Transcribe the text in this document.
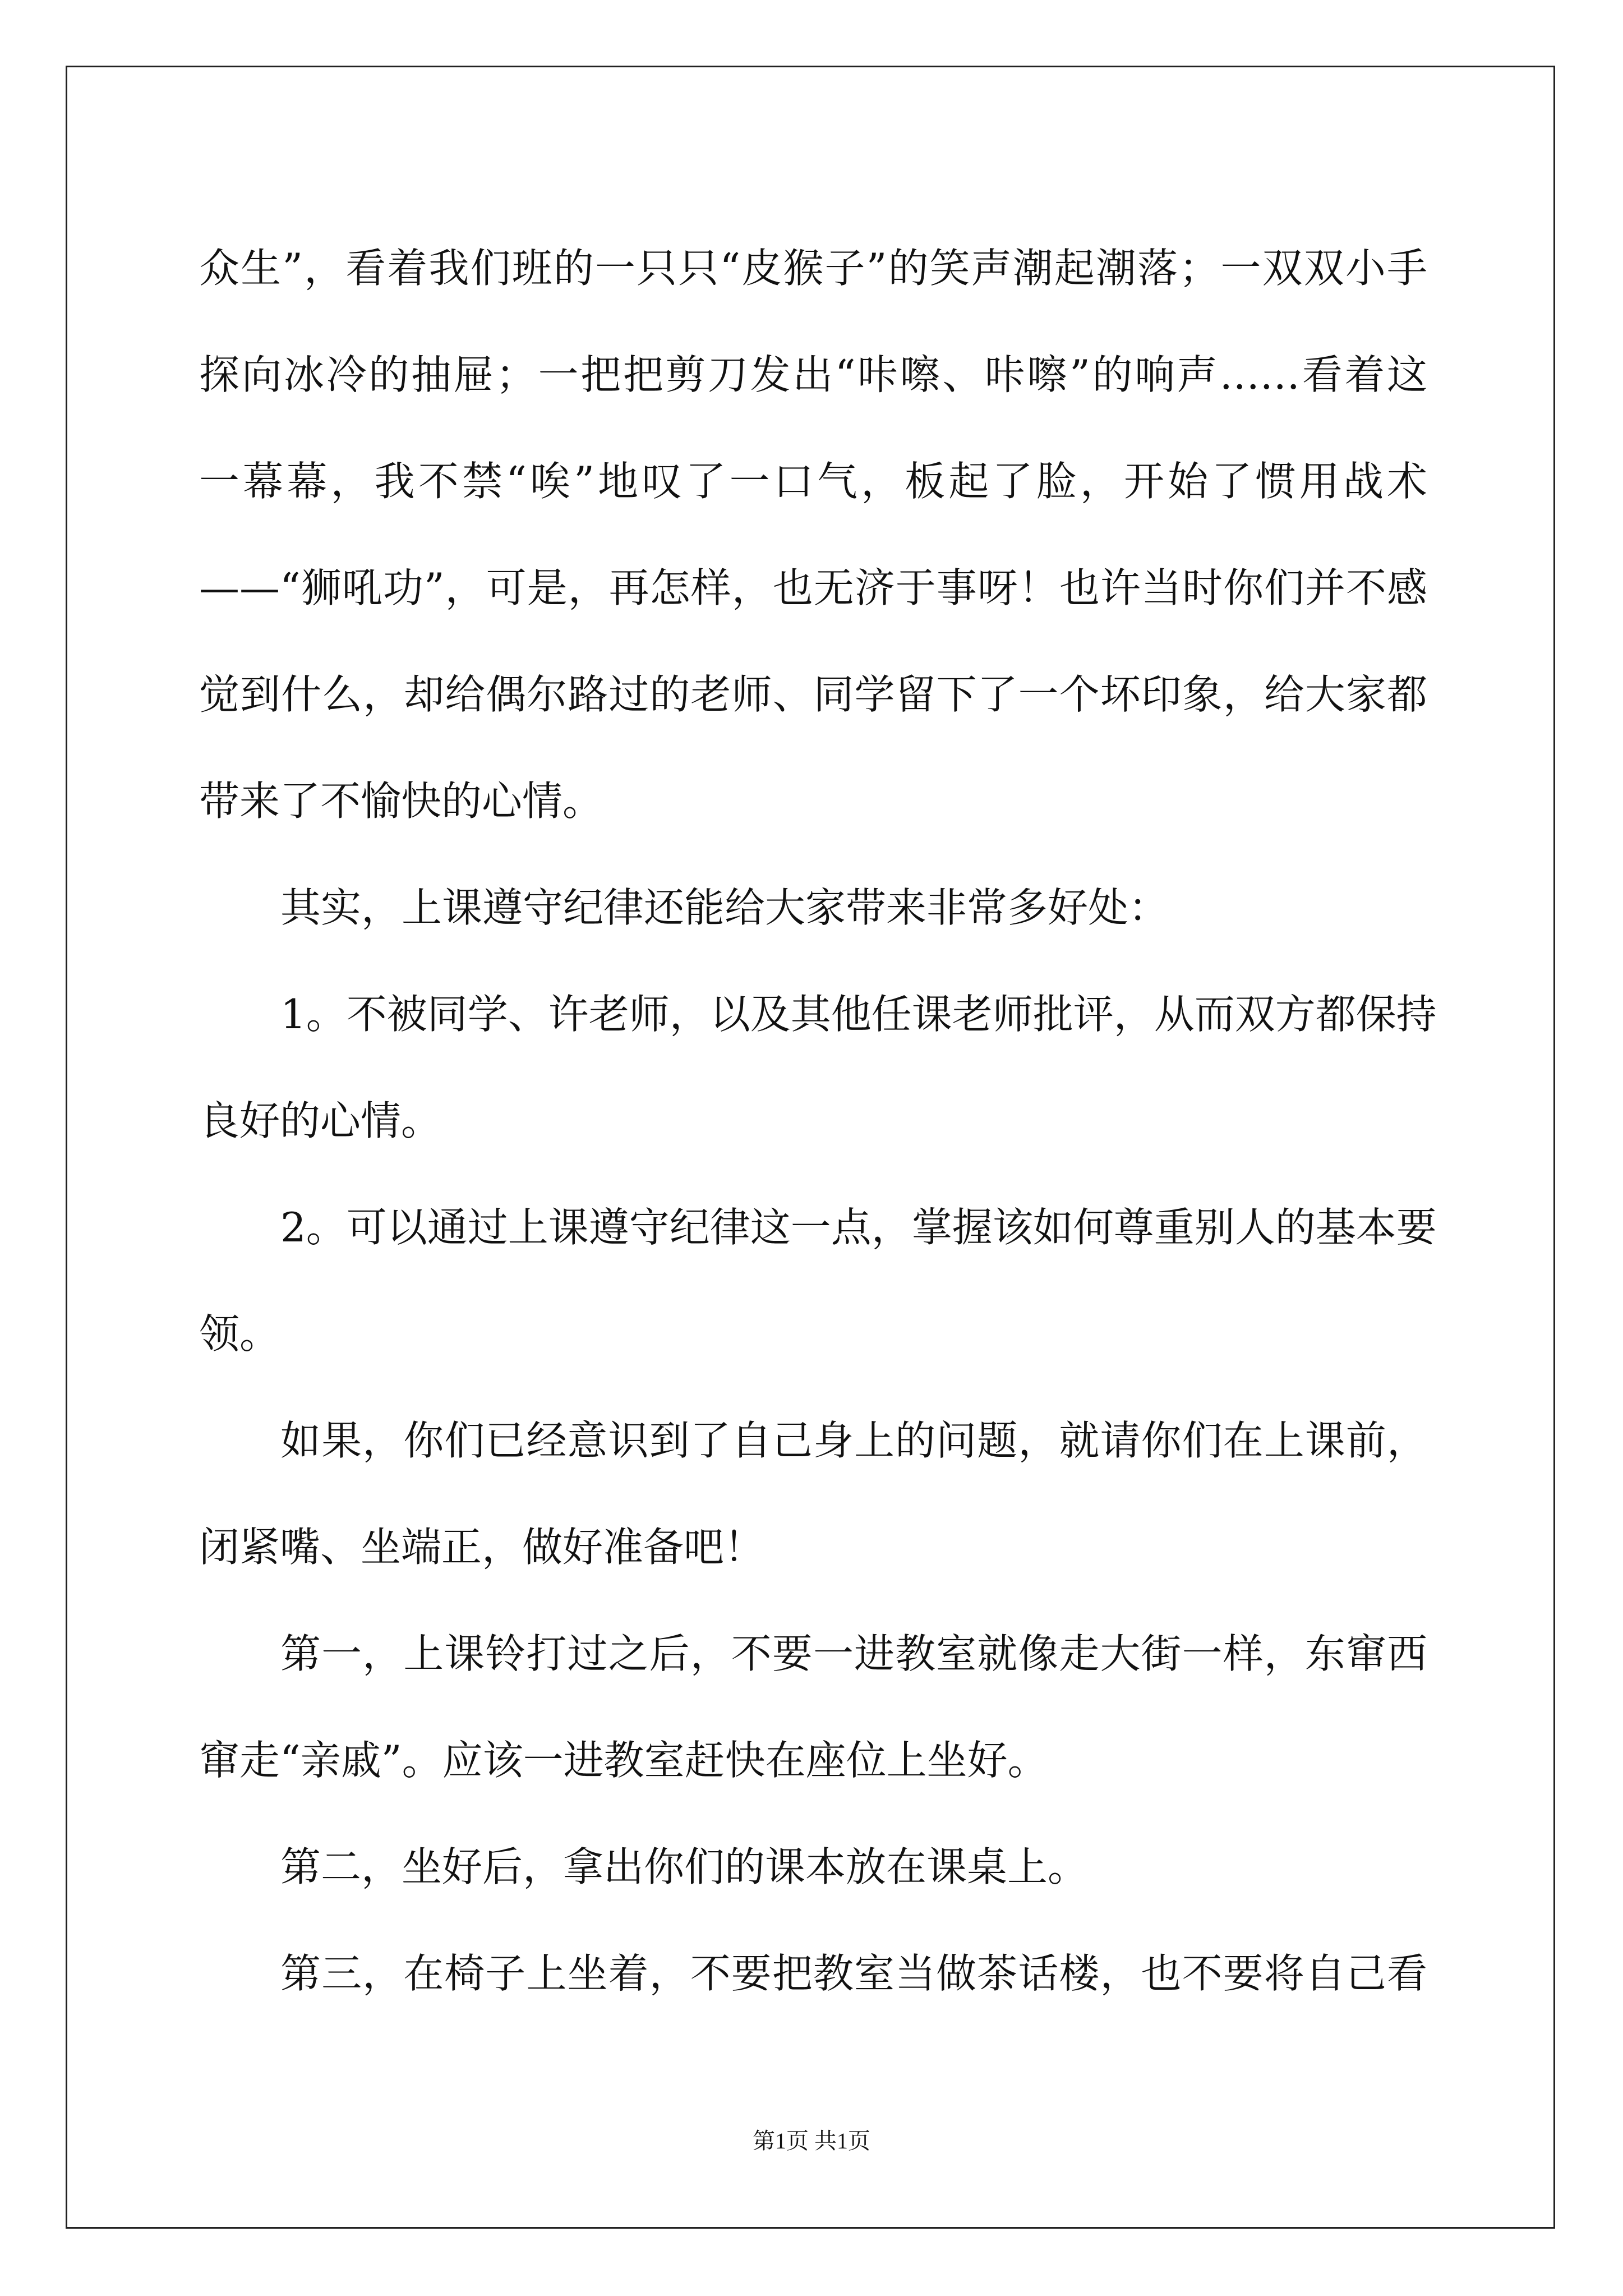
众生”，看着我们班的一只只“皮猴子”的笑声潮起潮落；一双双小手
探向冰冷的抽屉；一把把剪刀发出“咔嚓、咔嚓”的响声……看着这
一幕幕，我不禁“唉”地叹了一口气，板起了脸，开始了惯用战术
——“狮吼功”，可是，再怎样，也无济于事呀！也许当时你们并不感
觉到什么，却给偶尔路过的老师、同学留下了一个坏印象，给大家都
带来了不愉快的心情。
其实，上课遵守纪律还能给大家带来非常多好处：
1。不被同学、许老师，以及其他任课老师批评，从而双方都保持
良好的心情。
2。可以通过上课遵守纪律这一点，掌握该如何尊重别人的基本要
领。
如果，你们已经意识到了自己身上的问题，就请你们在上课前，
闭紧嘴、坐端正，做好准备吧！
第一，上课铃打过之后，不要一进教室就像走大街一样，东窜西
窜走“亲戚”。应该一进教室赶快在座位上坐好。
第二，坐好后，拿出你们的课本放在课桌上。
第三，在椅子上坐着，不要把教室当做茶话楼，也不要将自己看
第1页 共1页
